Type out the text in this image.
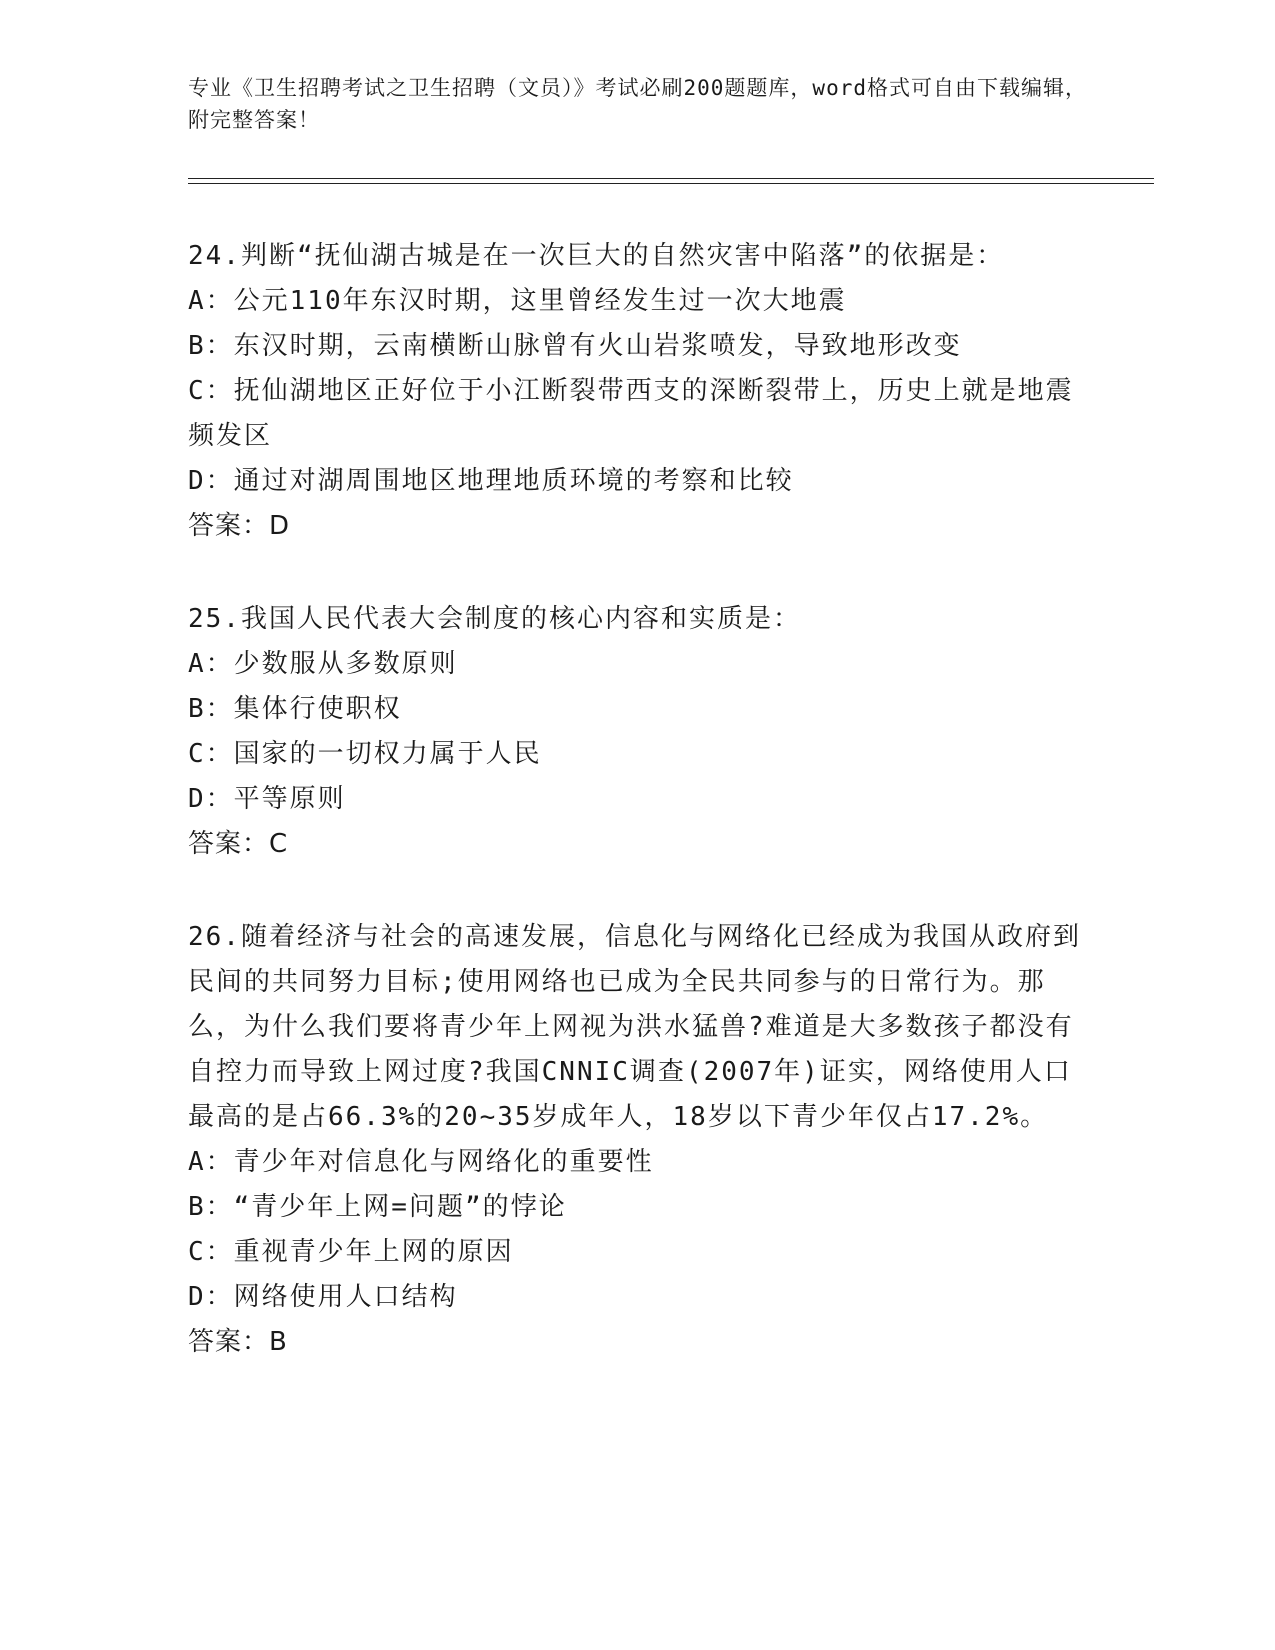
专业《卫生招聘考试之卫生招聘（文员）》考试必刷200题题库，word格式可自由下载编辑，附完整答案！

24.判断“抚仙湖古城是在一次巨大的自然灾害中陷落”的依据是：

A：公元110年东汉时期，这里曾经发生过一次大地震

B：东汉时期，云南横断山脉曾有火山岩浆喷发，导致地形改变

C：抚仙湖地区正好位于小江断裂带西支的深断裂带上，历史上就是地震频发区

D：通过对湖周围地区地理地质环境的考察和比较

答案：D

25.我国人民代表大会制度的核心内容和实质是：

A：少数服从多数原则

B：集体行使职权

C：国家的一切权力属于人民

D：平等原则

答案：C

26.随着经济与社会的高速发展，信息化与网络化已经成为我国从政府到民间的共同努力目标;使用网络也已成为全民共同参与的日常行为。那么，为什么我们要将青少年上网视为洪水猛兽?难道是大多数孩子都没有自控力而导致上网过度?我国CNNIC调查(2007年)证实，网络使用人口最高的是占66.3%的20~35岁成年人，18岁以下青少年仅占17.2%。

A：青少年对信息化与网络化的重要性

B：“青少年上网=问题”的悖论

C：重视青少年上网的原因

D：网络使用人口结构

答案：B
